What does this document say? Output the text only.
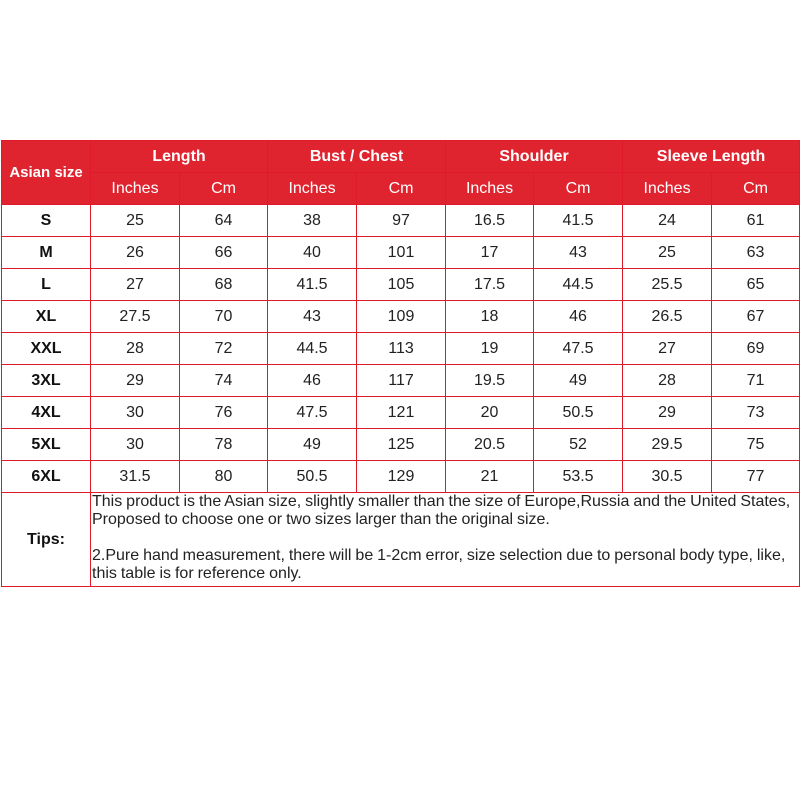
Asian size	Length		Bust / Chest		Shoulder		Sleeve Length	
	Inches	Cm	Inches	Cm	Inches	Cm	Inches	Cm
S	25	64	38	97	16.5	41.5	24	61
M	26	66	40	101	17	43	25	63
L	27	68	41.5	105	17.5	44.5	25.5	65
XL	27.5	70	43	109	18	46	26.5	67
XXL	28	72	44.5	113	19	47.5	27	69
3XL	29	74	46	117	19.5	49	28	71
4XL	30	76	47.5	121	20	50.5	29	73
5XL	30	78	49	125	20.5	52	29.5	75
6XL	31.5	80	50.5	129	21	53.5	30.5	77
Tips:	This product is the Asian size, slightly smaller than the size of Europe,Russia and the United States, Proposed to choose one or two sizes larger than the original size.

2.Pure hand measurement, there will be 1-2cm error, size selection due to personal body type, like, this table is for reference only.							
